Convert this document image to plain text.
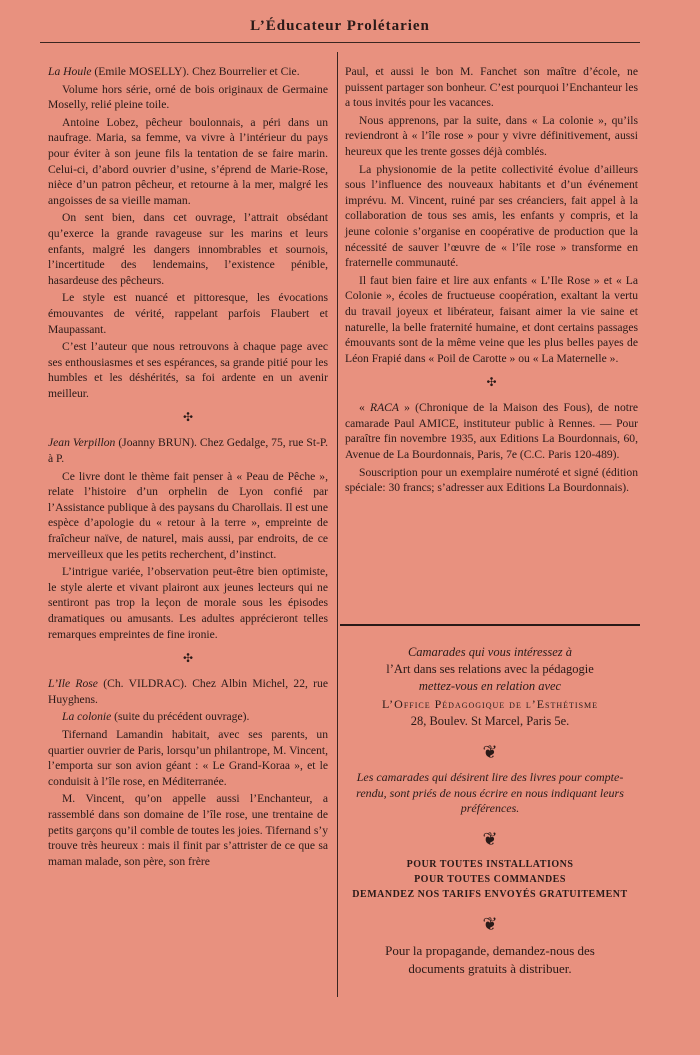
L’Éducateur Prolétarien

La Houle (Emile MOSELLY). Chez Bourrelier et Cie.

Volume hors série, orné de bois originaux de Germaine Moselly, relié pleine toile.

Antoine Lobez, pêcheur boulonnais, a péri dans un naufrage. Maria, sa femme, va vivre à l’intérieur du pays pour éviter à son jeune fils la tentation de se faire marin. Celui-ci, d’abord ouvrier d’usine, s’éprend de Marie-Rose, nièce d’un patron pêcheur, et retourne à la mer, malgré les angoisses de sa vieille maman.

On sent bien, dans cet ouvrage, l’attrait obsédant qu’exerce la grande ravageuse sur les marins et leurs enfants, malgré les dangers innombrables et sournois, l’incertitude des lendemains, l’existence pénible, hasardeuse des pêcheurs.

Le style est nuancé et pittoresque, les évocations émouvantes de vérité, rappelant parfois Flaubert et Maupassant.

C’est l’auteur que nous retrouvons à chaque page avec ses enthousiasmes et ses espérances, sa grande pitié pour les humbles et les déshérités, sa foi ardente en un avenir meilleur.

✣

Jean Verpillon (Joanny BRUN). Chez Gedalge, 75, rue St-P. à P.

Ce livre dont le thème fait penser à « Peau de Pêche », relate l’histoire d’un orphelin de Lyon confié par l’Assistance publique à des paysans du Charollais. Il est une espèce d’apologie du « retour à la terre », empreinte de fraîcheur naïve, de naturel, mais aussi, par endroits, de ce merveilleux que les petits recherchent, d’instinct.

L’intrigue variée, l’observation peut-être bien optimiste, le style alerte et vivant plairont aux jeunes lecteurs qui ne sentiront pas trop la leçon de morale sous les épisodes dramatiques ou amusants. Les adultes apprécieront telles remarques empreintes de fine ironie.

✣

L’Ile Rose (Ch. VILDRAC). Chez Albin Michel, 22, rue Huyghens.

La colonie (suite du précédent ouvrage).

Tifernand Lamandin habitait, avec ses parents, un quartier ouvrier de Paris, lorsqu’un philantrope, M. Vincent, l’emporta sur son avion géant : « Le Grand-Koraa », et le conduisit à l’île rose, en Méditerranée.

M. Vincent, qu’on appelle aussi l’Enchanteur, a rassemblé dans son domaine de l’île rose, une trentaine de petits garçons qu’il comble de toutes les joies. Tifernand s’y trouve très heureux : mais il finit par s’attrister de ce que sa maman malade, son père, son frère

Paul, et aussi le bon M. Fanchet son maître d’école, ne puissent partager son bonheur. C’est pourquoi l’Enchanteur les a tous invités pour les vacances.

Nous apprenons, par la suite, dans « La colonie », qu’ils reviendront à « l’île rose » pour y vivre définitivement, aussi heureux que les trente gosses déjà comblés.

La physionomie de la petite collectivité évolue d’ailleurs sous l’influence des nouveaux habitants et d’un événement imprévu. M. Vincent, ruiné par ses créanciers, fait appel à la collaboration de tous ses amis, les enfants y compris, et la jeune colonie s’organise en coopérative de production que la nécessité de sauver l’œuvre de « l’île rose » transforme en fraternelle communauté.

Il faut bien faire et lire aux enfants « L’Ile Rose » et « La Colonie », écoles de fructueuse coopération, exaltant la vertu du travail joyeux et libérateur, faisant aimer la vie saine et naturelle, la belle fraternité humaine, et dont certains passages émouvants sont de la même veine que les plus belles payes de Léon Frapié dans « Poil de Carotte » ou « La Maternelle ».

✣

« RACA » (Chronique de la Maison des Fous), de notre camarade Paul AMICE, instituteur public à Rennes. — Pour paraître fin novembre 1935, aux Editions La Bourdonnais, 60, Avenue de La Bourdonnais, Paris, 7e (C.C. Paris 120-489).

Souscription pour un exemplaire numéroté et signé (édition spéciale: 30 francs; s’adresser aux Editions La Bourdonnais).

Camarades qui vous intéressez à
l’Art dans ses relations avec la pédagogie
mettez-vous en relation avec
L’Office Pédagogique de l’Esthétisme
28, Boulev. St Marcel, Paris 5e.
❦
Les camarades qui désirent lire des livres pour compte-rendu, sont priés de nous écrire en nous indiquant leurs préférences.
❦
POUR TOUTES INSTALLATIONS
POUR TOUTES COMMANDES
DEMANDEZ NOS TARIFS ENVOYÉS GRATUITEMENT
❦
Pour la propagande, demandez-nous des
documents gratuits à distribuer.
